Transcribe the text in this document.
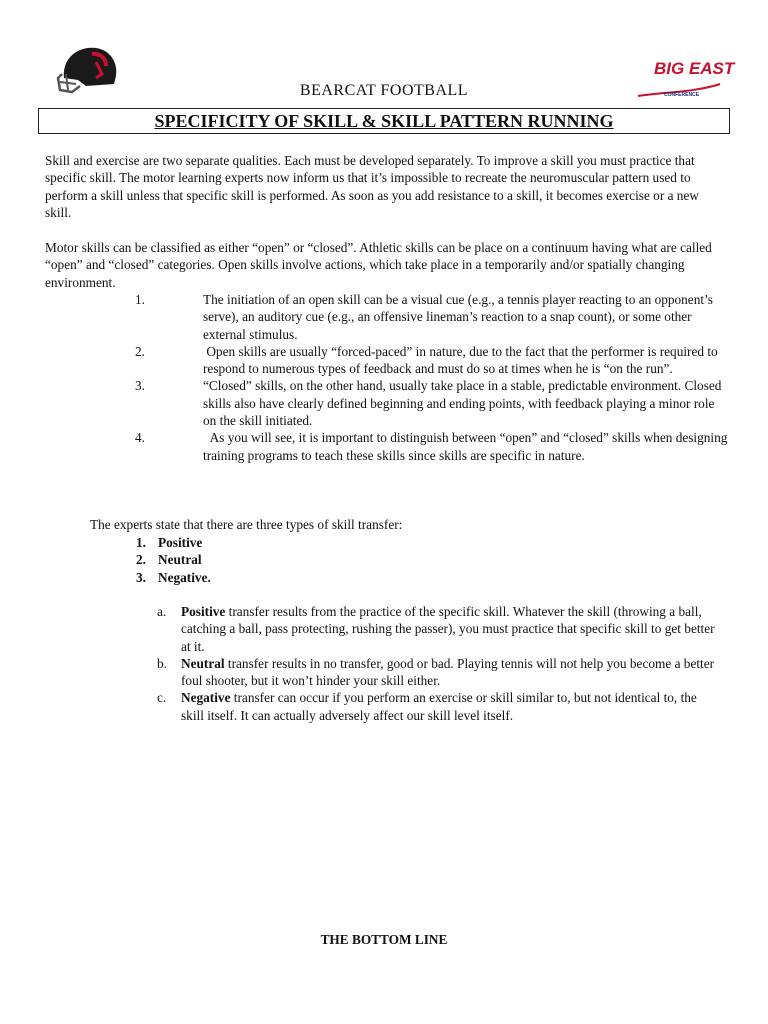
BIG EAST
CONFERENCE
BEARCAT FOOTBALL
SPECIFICITY OF SKILL & SKILL PATTERN RUNNING

Skill and exercise are two separate qualities. Each must be developed separately. To improve a skill you must practice that specific skill. The motor learning experts now inform us that it’s impossible to recreate the neuromuscular pattern used to perform a skill unless that specific skill is performed. As soon as you add resistance to a skill, it becomes exercise or a new skill.

Motor skills can be classified as either “open” or “closed”. Athletic skills can be place on a continuum having what are called “open” and “closed” categories. Open skills involve actions, which take place in a temporarily and/or spatially changing environment.

1.	The initiation of an open skill can be a visual cue (e.g., a tennis player reacting to an opponent’s serve), an auditory cue (e.g., an offensive lineman’s reaction to a snap count), or some other external stimulus.
2.	Open skills are usually “forced-paced” in nature, due to the fact that the performer is required to respond to numerous types of feedback and must do so at times when he is “on the run”.
3.	“Closed” skills, on the other hand, usually take place in a stable, predictable environment. Closed skills also have clearly defined beginning and ending points, with feedback playing a minor role on the skill initiated.
4.	As you will see, it is important to distinguish between “open” and “closed” skills when designing training programs to teach these skills since skills are specific in nature.
The experts state that there are three types of skill transfer:
1. Positive
2. Neutral
3. Negative.
a. Positive transfer results from the practice of the specific skill. Whatever the skill (throwing a ball, catching a ball, pass protecting, rushing the passer), you must practice that specific skill to get better at it.
b. Neutral transfer results in no transfer, good or bad. Playing tennis will not help you become a better foul shooter, but it won’t hinder your skill either.
c. Negative transfer can occur if you perform an exercise or skill similar to, but not identical to, the skill itself. It can actually adversely affect our skill level itself.
THE BOTTOM LINE
